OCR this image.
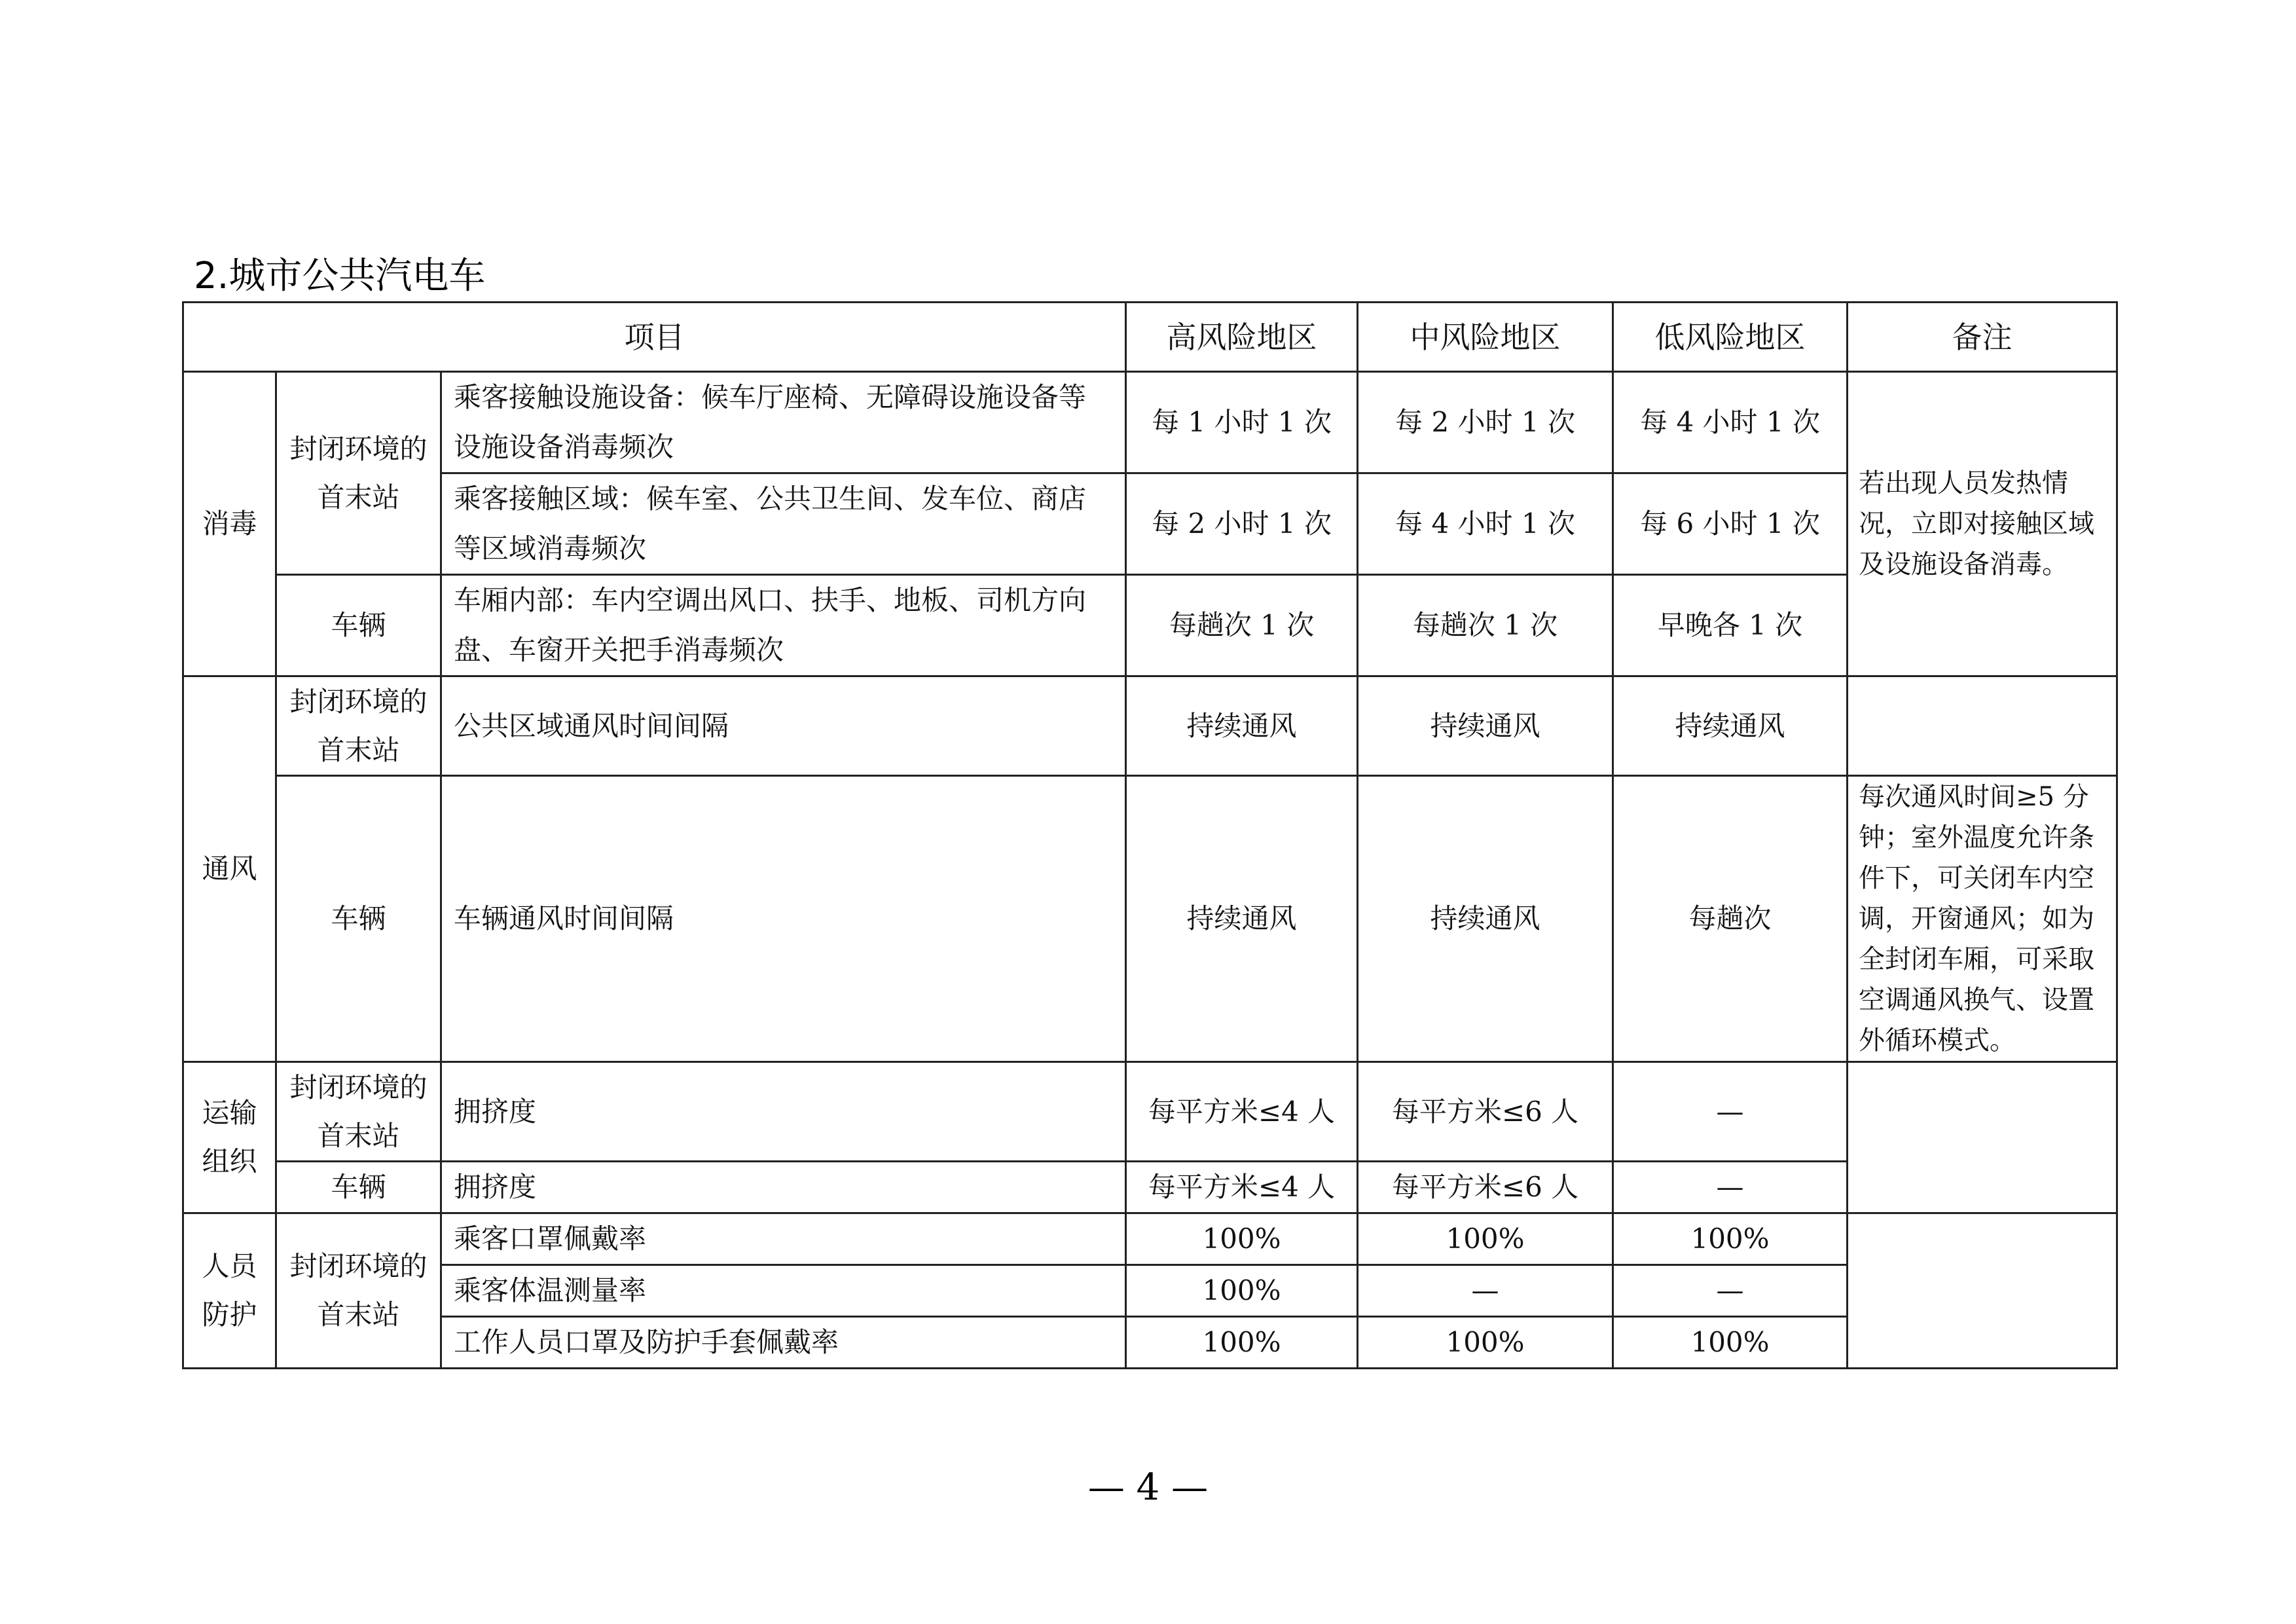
2.城市公共汽电车
项目			高风险地区	中风险地区	低风险地区	备注
消毒	封闭环境的首末站	乘客接触设施设备：候车厅座椅、无障碍设施设备等设施设备消毒频次	每 1 小时 1 次	每 2 小时 1 次	每 4 小时 1 次	若出现人员发热情况，立即对接触区域及设施设备消毒。
		乘客接触区域：候车室、公共卫生间、发车位、商店等区域消毒频次	每 2 小时 1 次	每 4 小时 1 次	每 6 小时 1 次	
	车辆	车厢内部：车内空调出风口、扶手、地板、司机方向盘、车窗开关把手消毒频次	每趟次 1 次	每趟次 1 次	早晚各 1 次	
通风	封闭环境的首末站	公共区域通风时间间隔	持续通风	持续通风	持续通风	
	车辆	车辆通风时间间隔	持续通风	持续通风	每趟次	每次通风时间≥5 分钟；室外温度允许条件下，可关闭车内空调，开窗通风；如为全封闭车厢，可采取空调通风换气、设置外循环模式。
运输组织	封闭环境的首末站	拥挤度	每平方米≤4 人	每平方米≤6 人	—	
	车辆	拥挤度	每平方米≤4 人	每平方米≤6 人	—	
人员防护	封闭环境的首末站	乘客口罩佩戴率	100%	100%	100%	
		乘客体温测量率	100%	—	—	
		工作人员口罩及防护手套佩戴率	100%	100%	100%	
— 4 —
